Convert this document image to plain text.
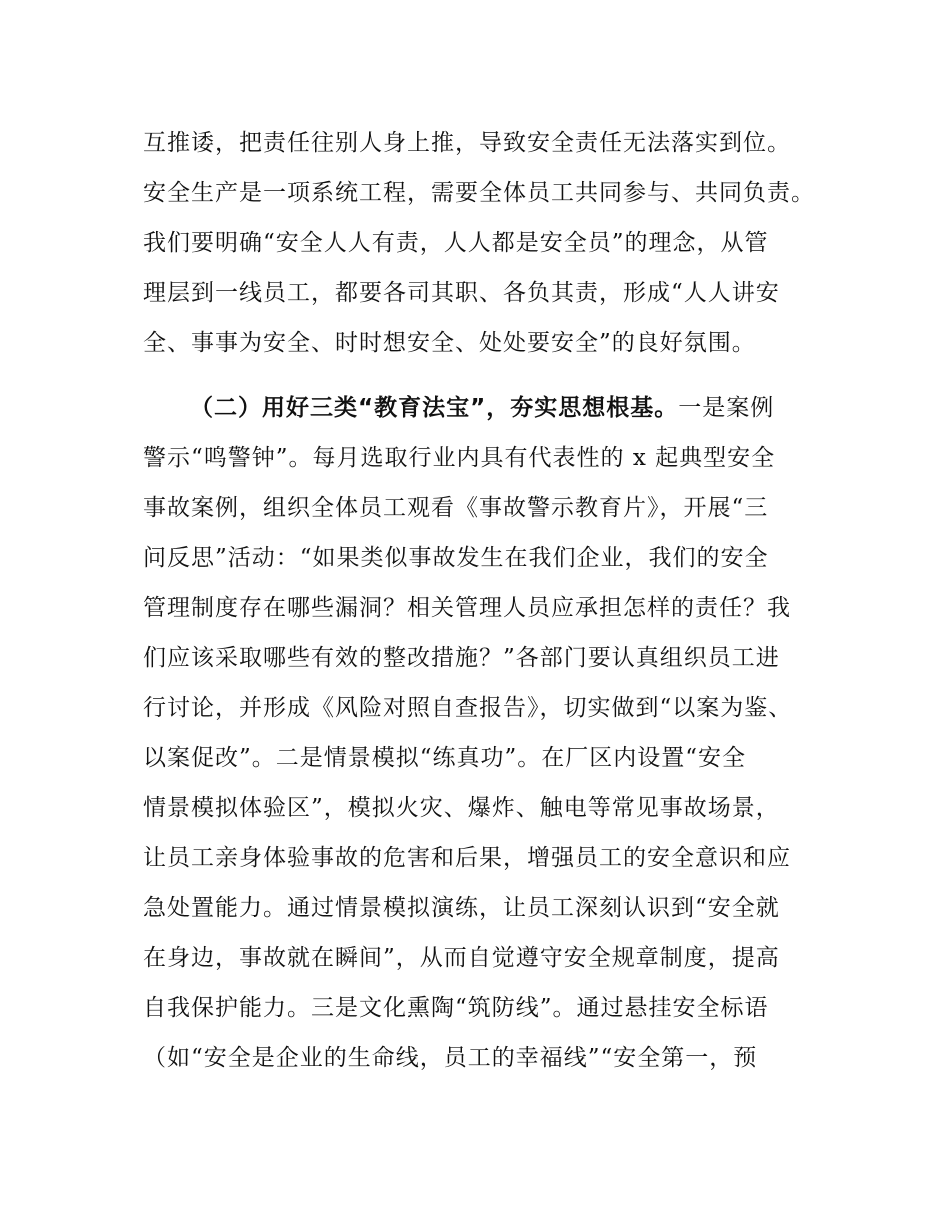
互推诿，把责任往别人身上推，导致安全责任无法落实到位。
安全生产是一项系统工程，需要全体员工共同参与、共同负责。
我们要明确“安全人人有责，人人都是安全员”的理念，从管
理层到一线员工，都要各司其职、各负其责，形成“人人讲安
全、事事为安全、时时想安全、处处要安全”的良好氛围。
（二）用好三类“教育法宝”，夯实思想根基。一是案例
警示“鸣警钟”。每月选取行业内具有代表性的 x 起典型安全
事故案例，组织全体员工观看《事故警示教育片》，开展“三
问反思”活动：“如果类似事故发生在我们企业，我们的安全
管理制度存在哪些漏洞？相关管理人员应承担怎样的责任？我
们应该采取哪些有效的整改措施？”各部门要认真组织员工进
行讨论，并形成《风险对照自查报告》，切实做到“以案为鉴、
以案促改”。二是情景模拟“练真功”。在厂区内设置“安全
情景模拟体验区”，模拟火灾、爆炸、触电等常见事故场景，
让员工亲身体验事故的危害和后果，增强员工的安全意识和应
急处置能力。通过情景模拟演练，让员工深刻认识到“安全就
在身边，事故就在瞬间”，从而自觉遵守安全规章制度，提高
自我保护能力。三是文化熏陶“筑防线”。通过悬挂安全标语
（如“安全是企业的生命线，员工的幸福线”“安全第一，预
